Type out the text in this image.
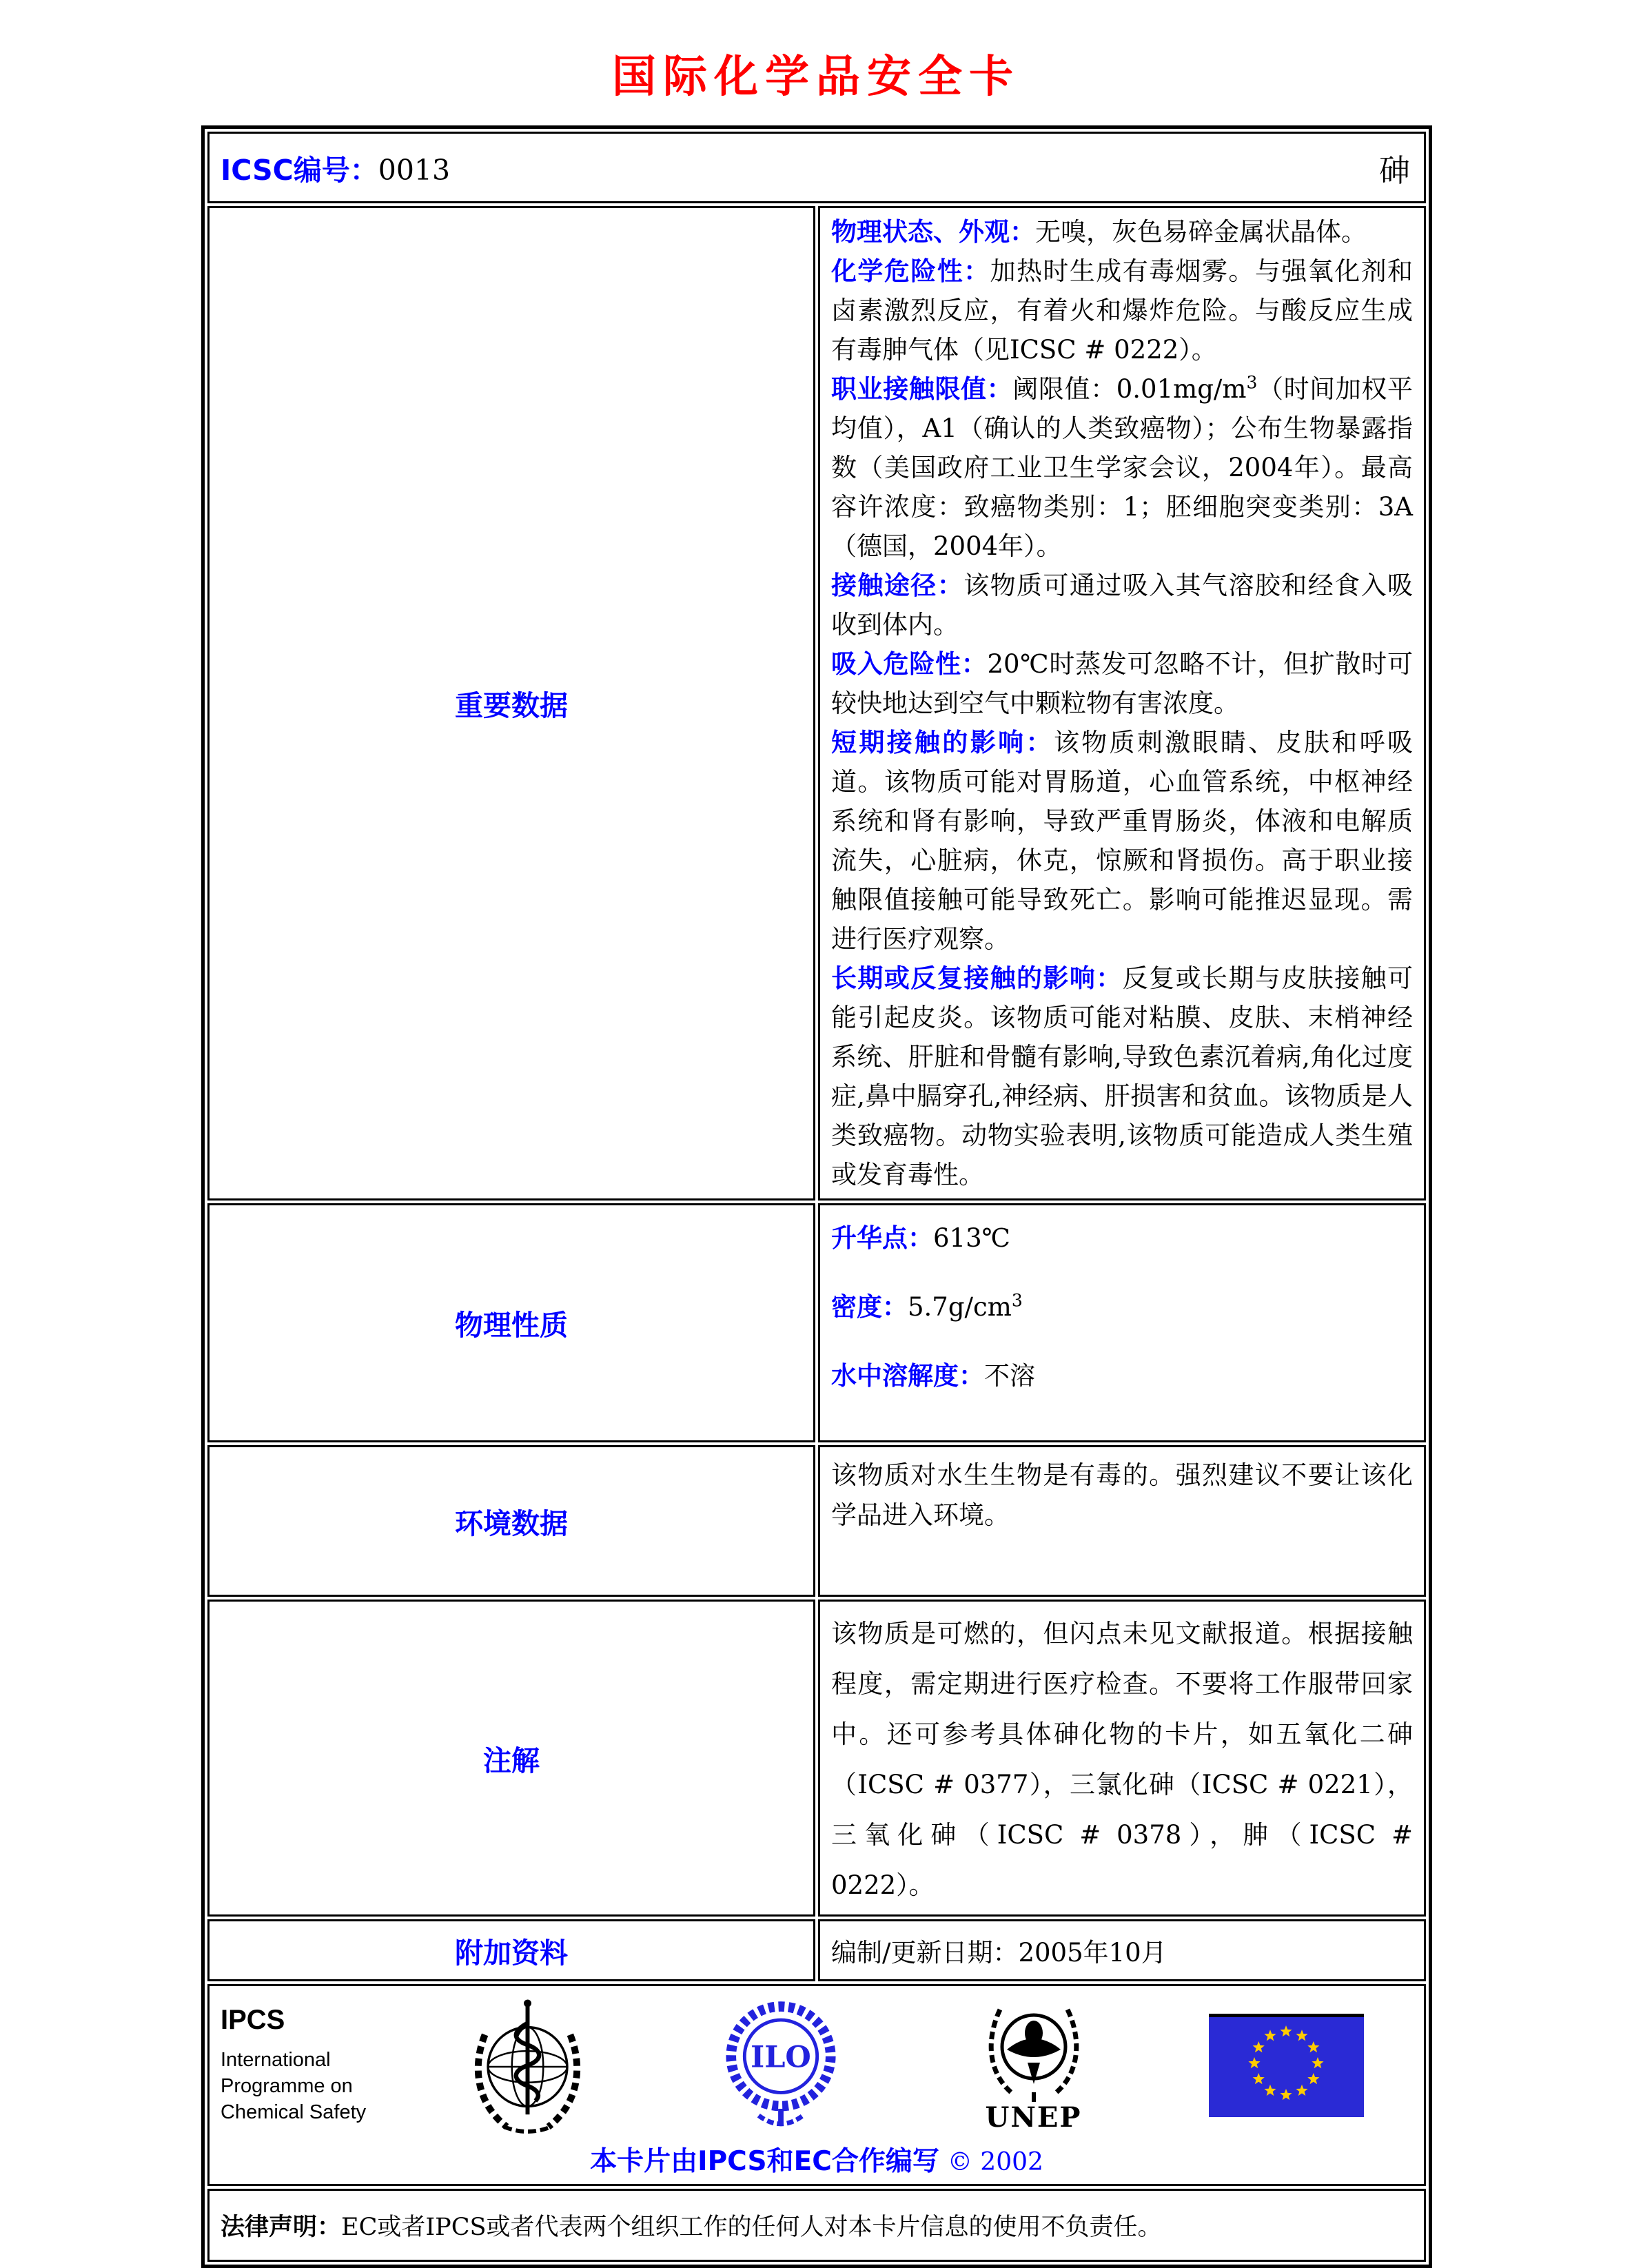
国际化学品安全卡
ICSC编号：0013 砷	

重要数据	

物理状态、外观：无嗅，灰色易碎金属状晶体。

化学危险性：加热时生成有毒烟雾。与强氧化剂和卤素激烈反应，有着火和爆炸危险。与酸反应生成有毒胂气体（见ICSC # 0222）。

职业接触限值：阈限值：$0.01mg/m^3$（时间加权平均值），A1（确认的人类致癌物）；公布生物暴露指数（美国政府工业卫生学家会议，2004年）。最高容许浓度：致癌物类别：1；胚细胞突变类别：3A（德国，2004年）。

接触途径：该物质可通过吸入其气溶胶和经食入吸收到体内。

吸入危险性：20℃时蒸发可忽略不计，但扩散时可较快地达到空气中颗粒物有害浓度。

短期接触的影响：该物质刺激眼睛、皮肤和呼吸道。该物质可能对胃肠道，心血管系统，中枢神经系统和肾有影响，导致严重胃肠炎，体液和电解质流失，心脏病，休克，惊厥和肾损伤。高于职业接触限值接触可能导致死亡。影响可能推迟显现。需进行医疗观察。

长期或反复接触的影响：反复或长期与皮肤接触可能引起皮炎。该物质可能对粘膜、皮肤、末梢神经系统、肝脏和骨髓有影响,导致色素沉着病,角化过度症,鼻中膈穿孔,神经病、肝损害和贫血。该物质是人类致癌物。动物实验表明,该物质可能造成人类生殖或发育毒性。

物理性质	升华点：613℃

密度：$5.7g/cm^3$

水中溶解度：不溶

环境数据	该物质对水生生物是有毒的。强烈建议不要让该化学品进入环境。

注解	该物质是可燃的，但闪点未见文献报道。根据接触程度，需定期进行医疗检查。不要将工作服带回家中。还可参考具体砷化物的卡片，如五氧化二砷（ICSC # 0377），三氯化砷（ICSC # 0221），三氧化砷（ICSC # 0378），胂（ICSC # 0222）。

附加资料	编制/更新日期：2005年10月

IPCS
International
Programme on
Chemical Safety
ILO
UNEP
本卡片由IPCS和EC合作编写 © 2002

法律声明：EC或者IPCS或者代表两个组织工作的任何人对本卡片信息的使用不负责任。	
